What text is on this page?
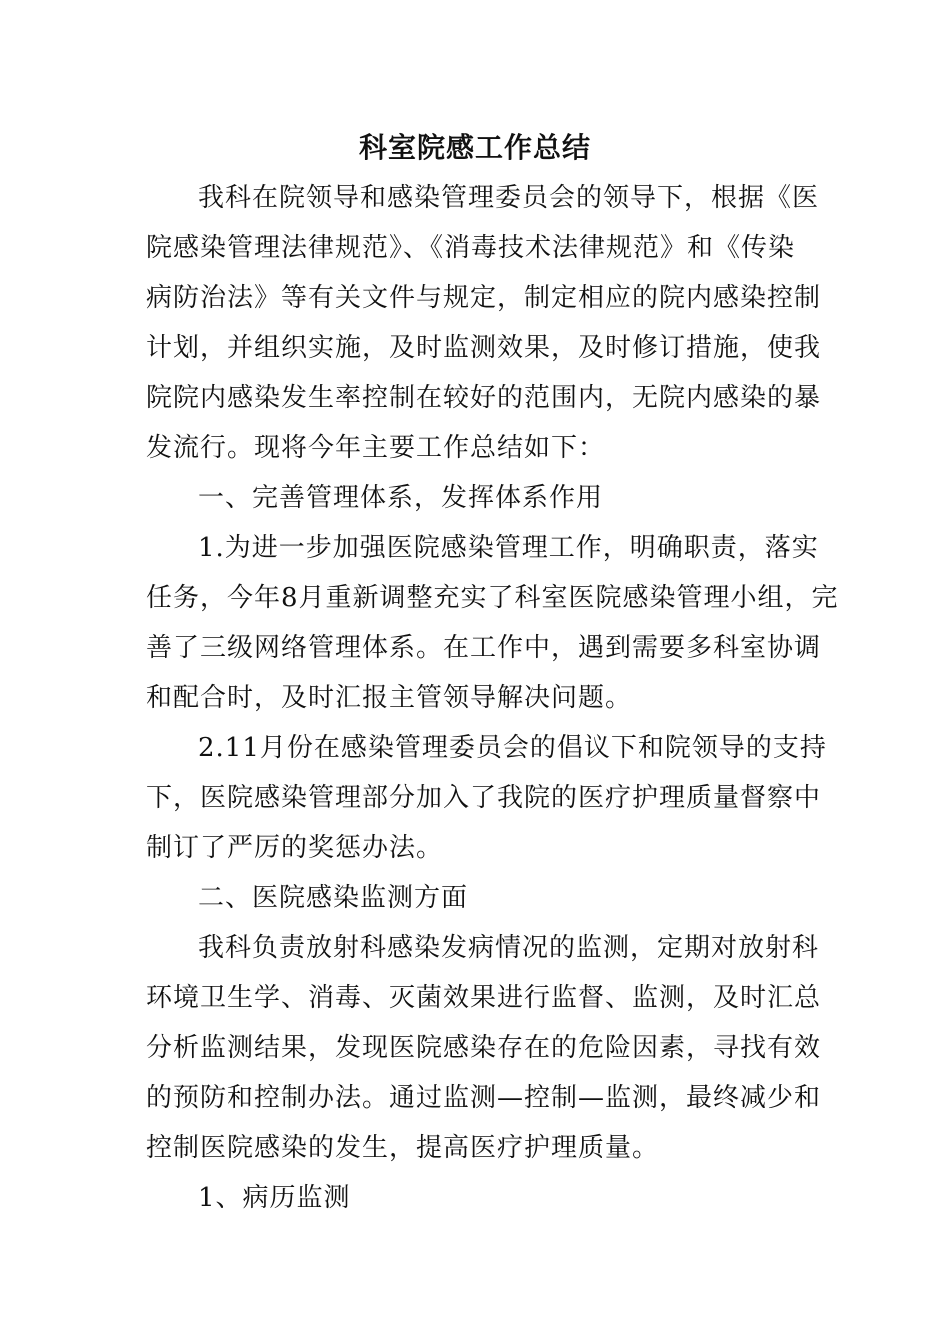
科室院感工作总结
我科在院领导和感染管理委员会的领导下，根据《医
院感染管理法律规范》、《消毒技术法律规范》和《传染
病防治法》等有关文件与规定，制定相应的院内感染控制
计划，并组织实施，及时监测效果，及时修订措施，使我
院院内感染发生率控制在较好的范围内，无院内感染的暴
发流行。现将今年主要工作总结如下：
一、完善管理体系，发挥体系作用
1.为进一步加强医院感染管理工作，明确职责，落实
任务，今年8月重新调整充实了科室医院感染管理小组，完
善了三级网络管理体系。在工作中，遇到需要多科室协调
和配合时，及时汇报主管领导解决问题。
2.11月份在感染管理委员会的倡议下和院领导的支持
下，医院感染管理部分加入了我院的医疗护理质量督察中
制订了严厉的奖惩办法。
二、医院感染监测方面
我科负责放射科感染发病情况的监测，定期对放射科
环境卫生学、消毒、灭菌效果进行监督、监测，及时汇总
分析监测结果，发现医院感染存在的危险因素，寻找有效
的预防和控制办法。通过监测—控制—监测，最终减少和
控制医院感染的发生，提高医疗护理质量。
1、病历监测
